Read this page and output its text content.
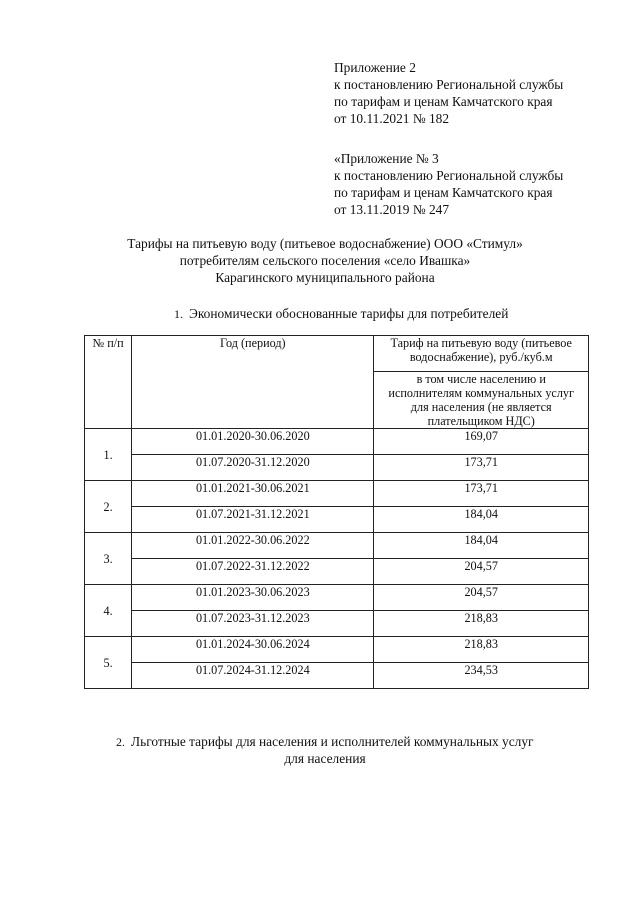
Приложение 2
к постановлению Региональной службы
по тарифам и ценам Камчатского края
от 10.11.2021 № 182
«Приложение № 3
к постановлению Региональной службы
по тарифам и ценам Камчатского края
от 13.11.2019 № 247
Тарифы на питьевую воду (питьевое водоснабжение) ООО «Стимул»
потребителям сельского поселения «село Ивашка»
Карагинского муниципального района
1. Экономически обоснованные тарифы для потребителей
№ п/п	Год (период)	Тариф на питьевую воду (питьевое водоснабжение), руб./куб.м
		в том числе населению и исполнителям коммунальных услуг для населения (не является плательщиком НДС)
1.	01.01.2020-30.06.2020	169,07
	01.07.2020-31.12.2020	173,71
2.	01.01.2021-30.06.2021	173,71
	01.07.2021-31.12.2021	184,04
3.	01.01.2022-30.06.2022	184,04
	01.07.2022-31.12.2022	204,57
4.	01.01.2023-30.06.2023	204,57
	01.07.2023-31.12.2023	218,83
5.	01.01.2024-30.06.2024	218,83
	01.07.2024-31.12.2024	234,53
2. Льготные тарифы для населения и исполнителей коммунальных услуг
для населения
